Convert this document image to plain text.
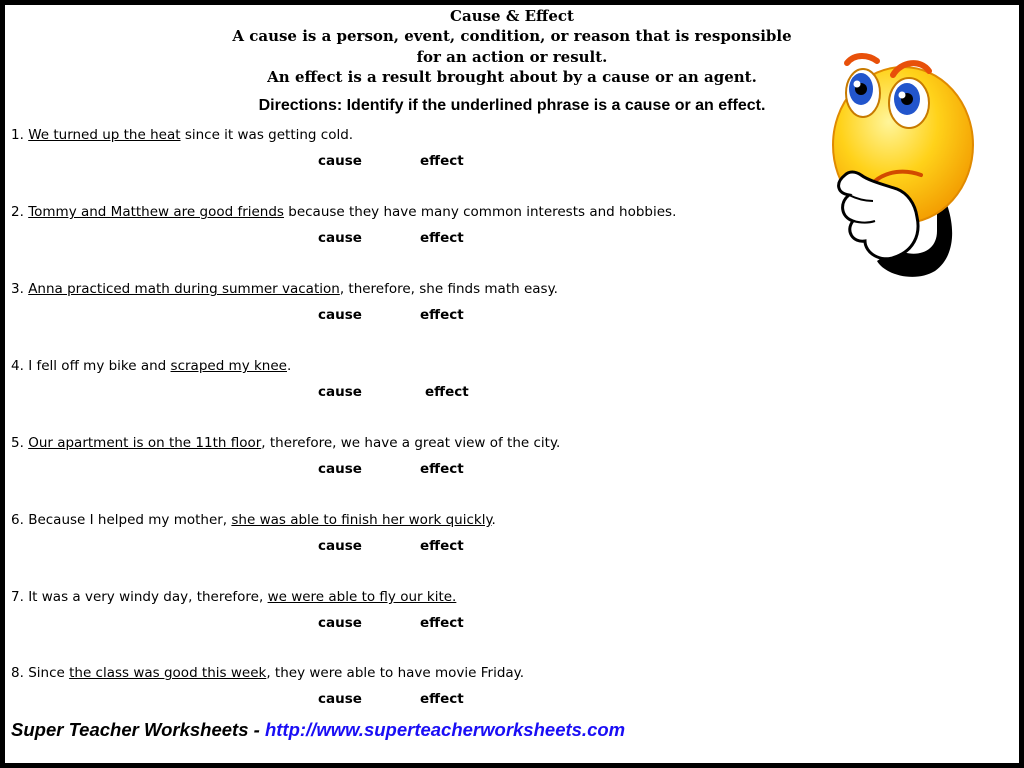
Cause & Effect
A cause is a person, event, condition, or reason that is responsible
for an action or result.
An effect is a result brought about by a cause or an agent.
Directions: Identify if the underlined phrase is a cause or an effect.
1. We turned up the heat since it was getting cold.
cause	effect
2. Tommy and Matthew are good friends because they have many common interests and hobbies.
cause	effect
3. Anna practiced math during summer vacation, therefore, she finds math easy.
cause	effect
4. I fell off my bike and scraped my knee.
cause	effect
5. Our apartment is on the 11th floor, therefore, we have a great view of the city.
cause	effect
6. Because I helped my mother, she was able to finish her work quickly.
cause	effect
7. It was a very windy day, therefore, we were able to fly our kite.
cause	effect
8. Since the class was good this week, they were able to have movie Friday.
cause	effect
Super Teacher Worksheets - http://www.superteacherworksheets.com
